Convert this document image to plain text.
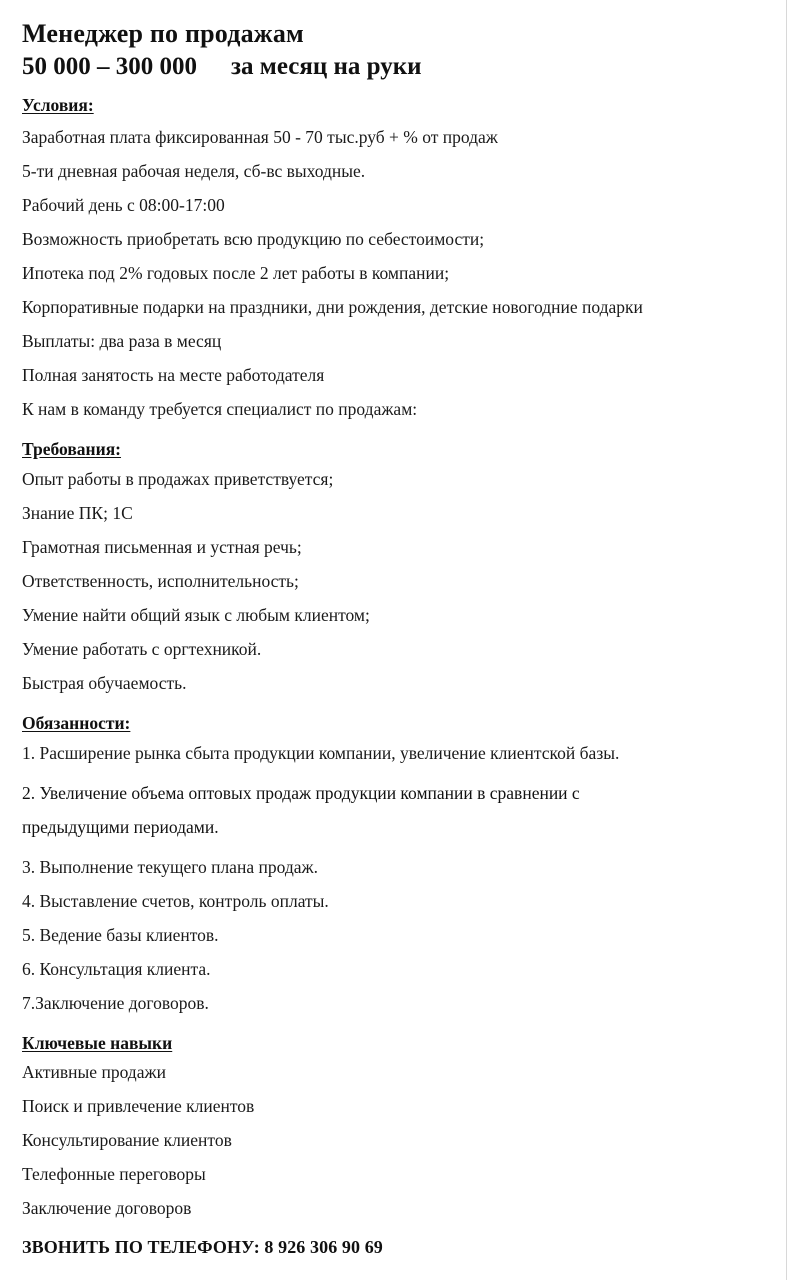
Менеджер по продажам
50 000 – 300 000 за месяц на руки
Условия:
Заработная плата фиксированная 50 - 70 тыс.руб + % от продаж
5-ти дневная рабочая неделя, сб-вс выходные.
Рабочий день с 08:00-17:00
Возможность приобретать всю продукцию по себестоимости;
Ипотека под 2% годовых после 2 лет работы в компании;
Корпоративные подарки на праздники, дни рождения, детские новогодние подарки
Выплаты: два раза в месяц
Полная занятость на месте работодателя
К нам в команду требуется специалист по продажам:
Требования:
Опыт работы в продажах приветствуется;
Знание ПК; 1С
Грамотная письменная и устная речь;
Ответственность, исполнительность;
Умение найти общий язык с любым клиентом;
Умение работать с оргтехникой.
Быстрая обучаемость.
Обязанности:
1. Расширение рынка сбыта продукции компании, увеличение клиентской базы.
2. Увеличение объема оптовых продаж продукции компании в сравнении с предыдущими периодами.
3. Выполнение текущего плана продаж.
4. Выставление счетов, контроль оплаты.
5. Ведение базы клиентов.
6. Консультация клиента.
7.Заключение договоров.
Ключевые навыки
Активные продажи
Поиск и привлечение клиентов
Консультирование клиентов
Телефонные переговоры
Заключение договоров
ЗВОНИТЬ ПО ТЕЛЕФОНУ: 8 926 306 90 69
